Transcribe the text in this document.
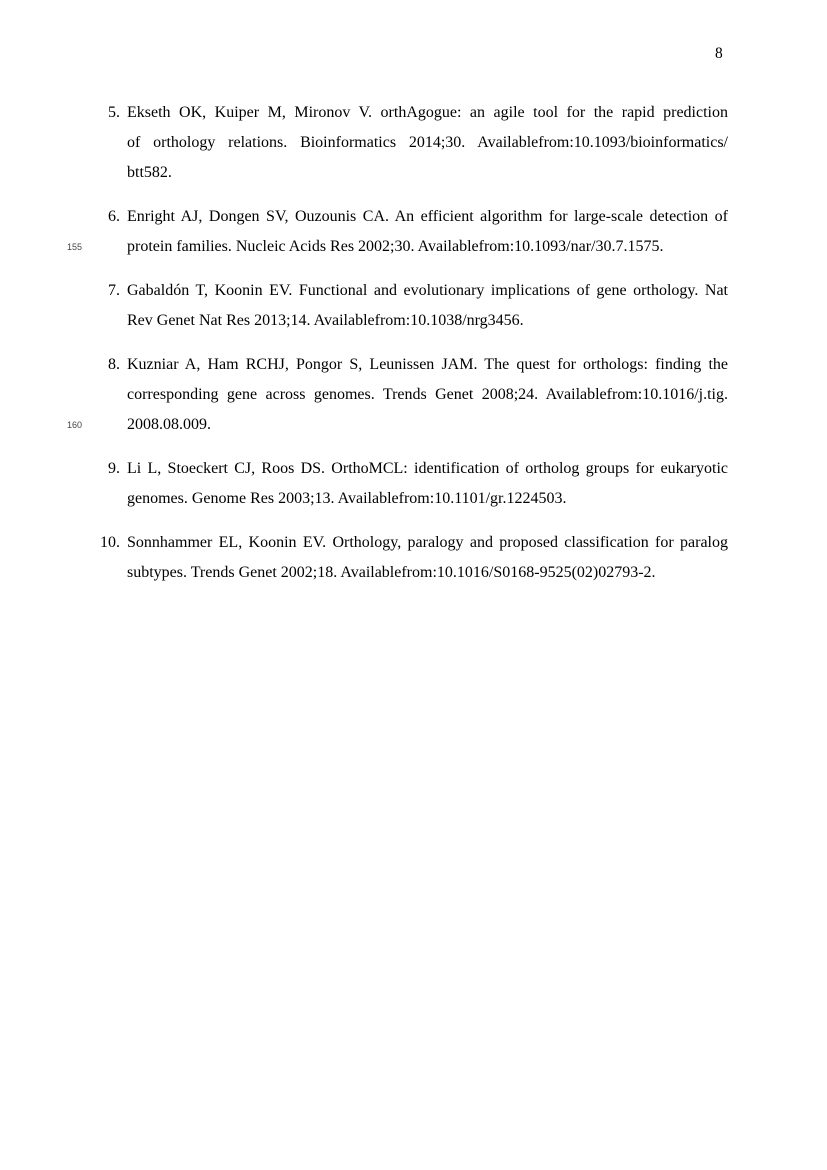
8
5. Ekseth OK, Kuiper M, Mironov V. orthAgogue: an agile tool for the rapid prediction
of orthology relations. Bioinformatics 2014;30. Availablefrom:10.1093/bioinformatics/
btt582.
6. Enright AJ, Dongen SV, Ouzounis CA. An efficient algorithm for large-scale detection of
protein families. Nucleic Acids Res 2002;30. Availablefrom:10.1093/nar/30.7.1575.
7. Gabaldón T, Koonin EV. Functional and evolutionary implications of gene orthology. Nat
Rev Genet Nat Res 2013;14. Availablefrom:10.1038/nrg3456.
8. Kuzniar A, Ham RCHJ, Pongor S, Leunissen JAM. The quest for orthologs: finding the
corresponding gene across genomes. Trends Genet 2008;24. Availablefrom:10.1016/j.tig.
2008.08.009.
9. Li L, Stoeckert CJ, Roos DS. OrthoMCL: identification of ortholog groups for eukaryotic
genomes. Genome Res 2003;13. Availablefrom:10.1101/gr.1224503.
10. Sonnhammer EL, Koonin EV. Orthology, paralogy and proposed classification for paralog
subtypes. Trends Genet 2002;18. Availablefrom:10.1016/S0168-9525(02)02793-2.
155
160
